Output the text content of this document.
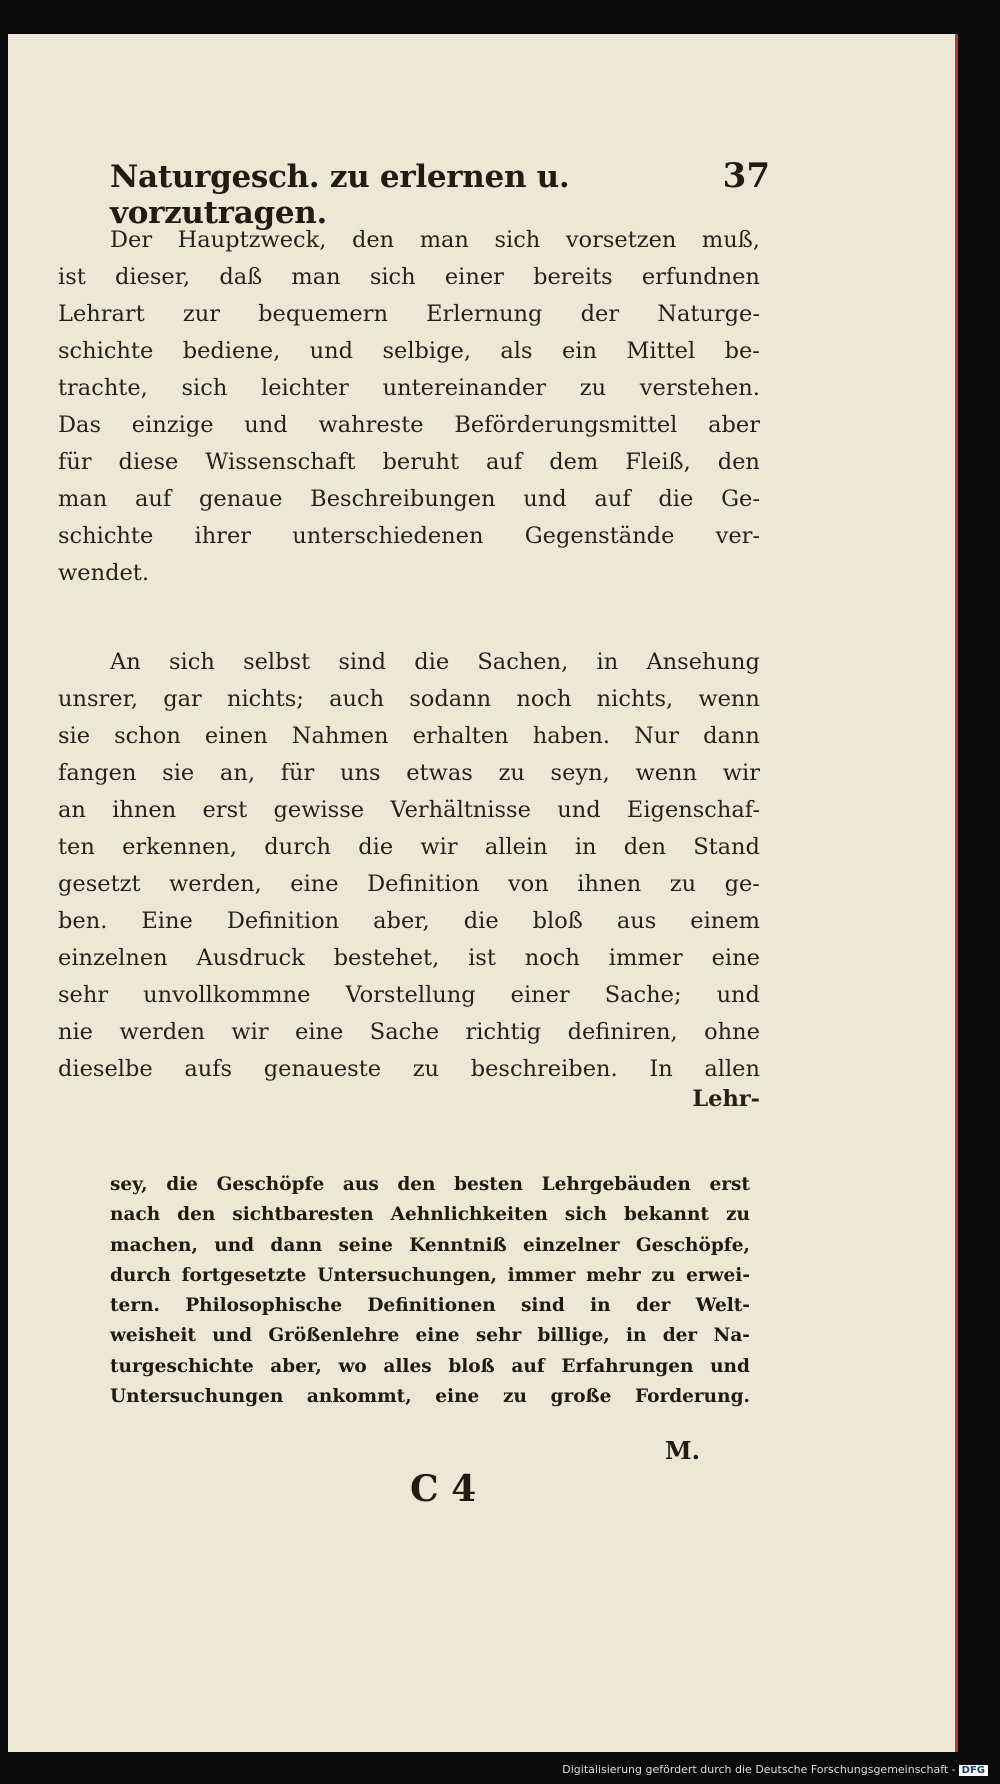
Naturgesch. zu erlernen u. vorzutragen.
37
Der Hauptzweck, den man sich vorsetzen muß,
ist dieser, daß man sich einer bereits erfundnen
Lehrart zur bequemern Erlernung der Naturge-
schichte bediene, und selbige, als ein Mittel be-
trachte, sich leichter untereinander zu verstehen.
Das einzige und wahreste Beförderungsmittel aber
für diese Wissenschaft beruht auf dem Fleiß, den
man auf genaue Beschreibungen und auf die Ge-
schichte ihrer unterschiedenen Gegenstände ver-
wendet.
An sich selbst sind die Sachen, in Ansehung
unsrer, gar nichts; auch sodann noch nichts, wenn
sie schon einen Nahmen erhalten haben. Nur dann
fangen sie an, für uns etwas zu seyn, wenn wir
an ihnen erst gewisse Verhältnisse und Eigenschaf-
ten erkennen, durch die wir allein in den Stand
gesetzt werden, eine Definition von ihnen zu ge-
ben. Eine Definition aber, die bloß aus einem
einzelnen Ausdruck bestehet, ist noch immer eine
sehr unvollkommne Vorstellung einer Sache; und
nie werden wir eine Sache richtig definiren, ohne
dieselbe aufs genaueste zu beschreiben. In allen
Lehr-
sey, die Geschöpfe aus den besten Lehrgebäuden erst
nach den sichtbaresten Aehnlichkeiten sich bekannt zu
machen, und dann seine Kenntniß einzelner Geschöpfe,
durch fortgesetzte Untersuchungen, immer mehr zu erwei-
tern. Philosophische Definitionen sind in der Welt-
weisheit und Größenlehre eine sehr billige, in der Na-
turgeschichte aber, wo alles bloß auf Erfahrungen und
Untersuchungen ankommt, eine zu große Forderung.
M.
C 4
Digitalisierung gefördert durch die Deutsche Forschungsgemeinschaft - DFG
